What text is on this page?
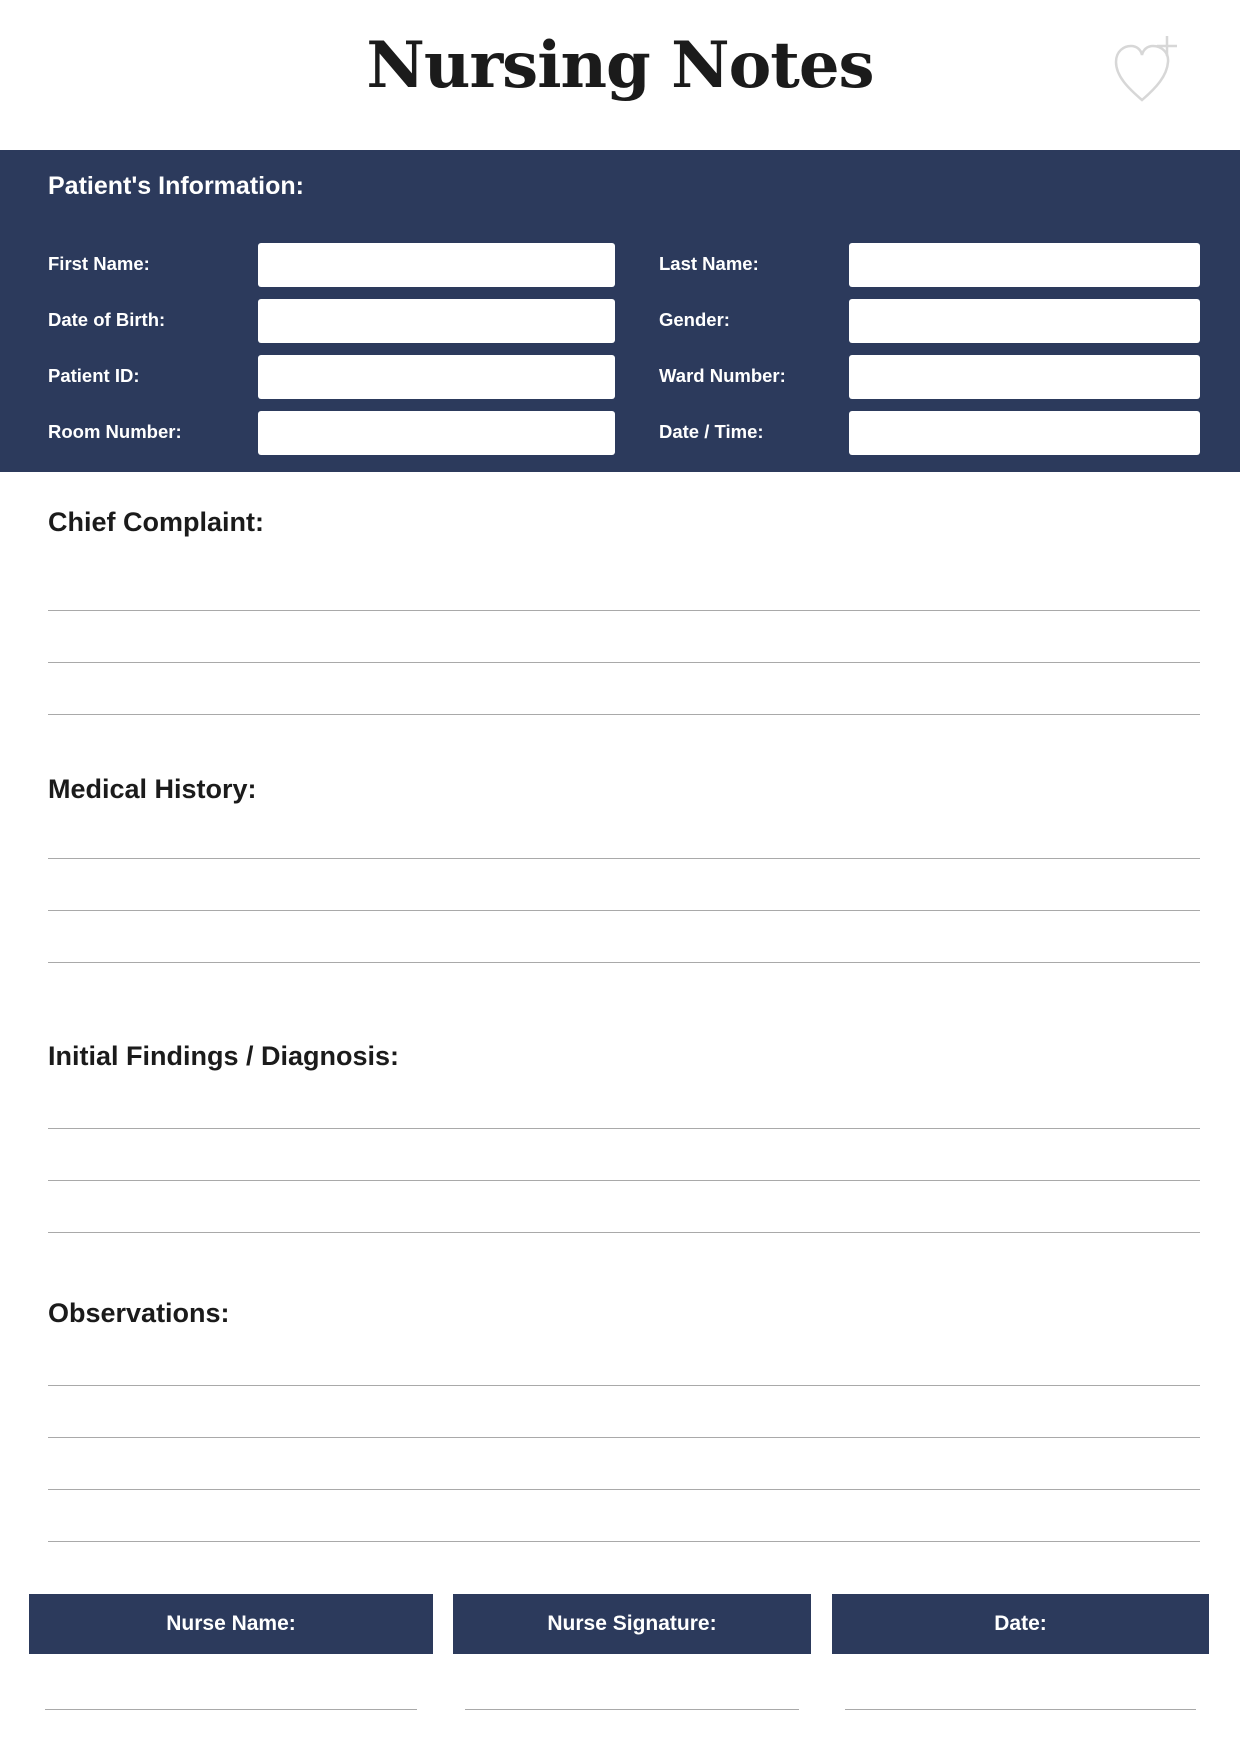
Nursing Notes
Patient's Information:
First Name:	Last Name:
Date of Birth:	Gender:
Patient ID:	Ward Number:
Room Number:	Date / Time:
Chief Complaint:
Medical History:
Initial Findings / Diagnosis:
Observations:
Nurse Name:	Nurse Signature:	Date:
